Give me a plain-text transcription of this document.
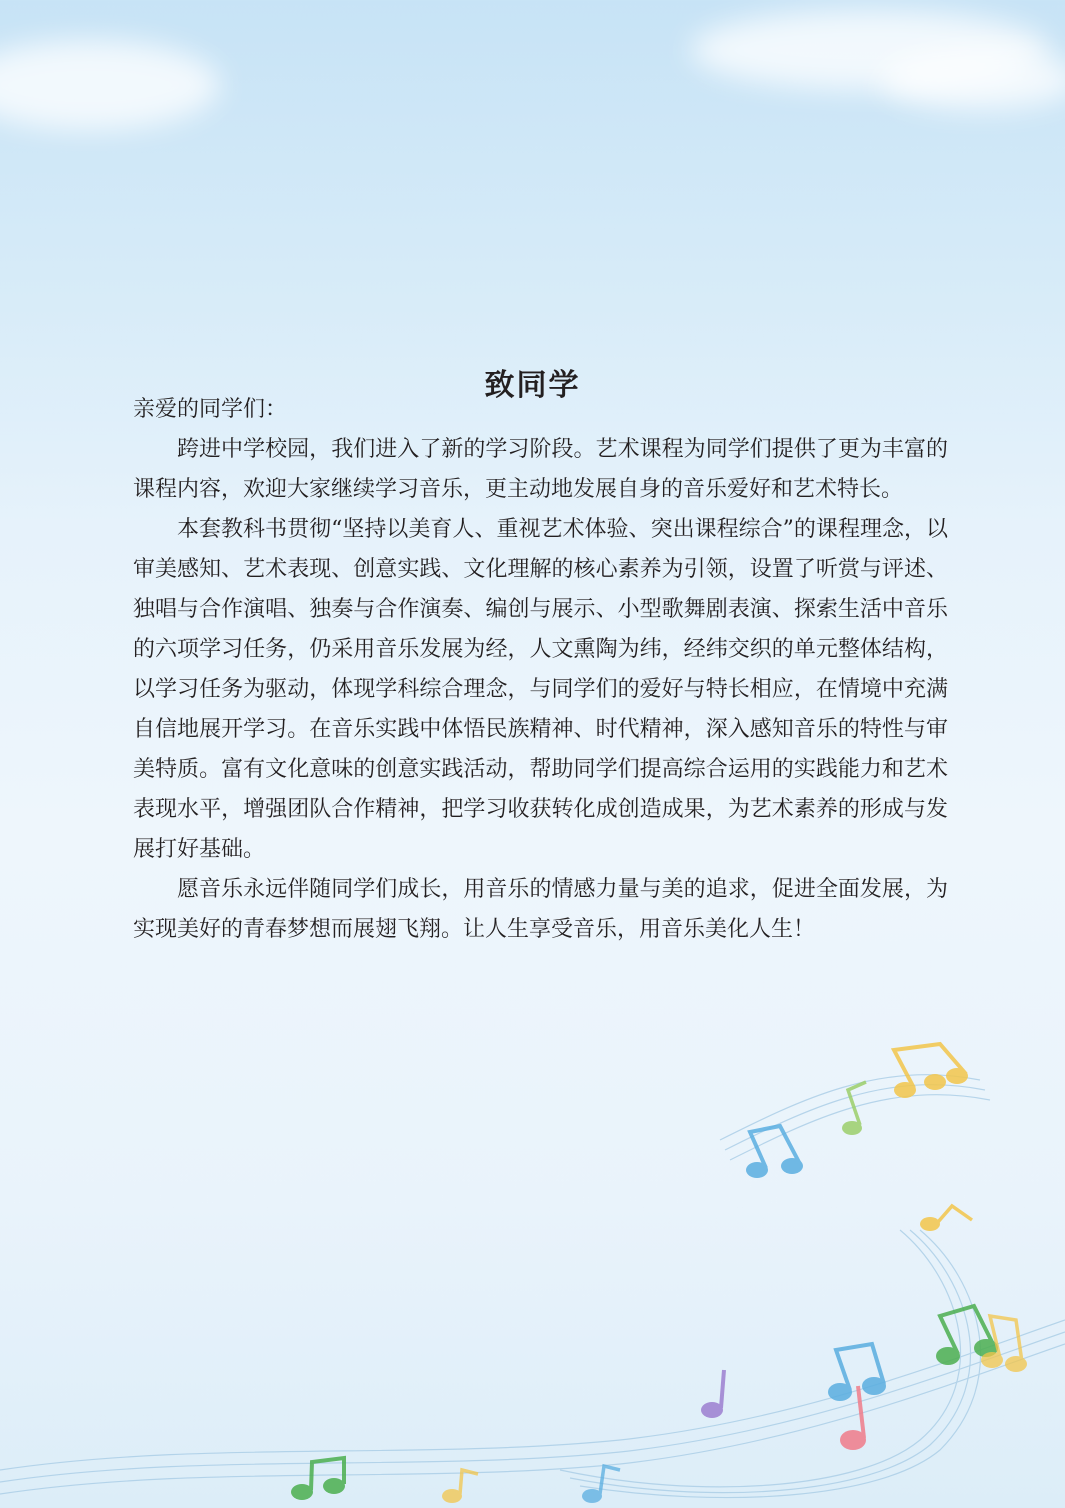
致同学

亲爱的同学们：

跨进中学校园，我们进入了新的学习阶段。艺术课程为同学们提供了更为丰富的课程内容，欢迎大家继续学习音乐，更主动地发展自身的音乐爱好和艺术特长。

本套教科书贯彻“坚持以美育人、重视艺术体验、突出课程综合”的课程理念，以审美感知、艺术表现、创意实践、文化理解的核心素养为引领，设置了听赏与评述、独唱与合作演唱、独奏与合作演奏、编创与展示、小型歌舞剧表演、探索生活中音乐的六项学习任务，仍采用音乐发展为经，人文熏陶为纬，经纬交织的单元整体结构，以学习任务为驱动，体现学科综合理念，与同学们的爱好与特长相应，在情境中充满自信地展开学习。在音乐实践中体悟民族精神、时代精神，深入感知音乐的特性与审美特质。富有文化意味的创意实践活动，帮助同学们提高综合运用的实践能力和艺术表现水平，增强团队合作精神，把学习收获转化成创造成果，为艺术素养的形成与发展打好基础。

愿音乐永远伴随同学们成长，用音乐的情感力量与美的追求，促进全面发展，为实现美好的青春梦想而展翅飞翔。让人生享受音乐，用音乐美化人生！
